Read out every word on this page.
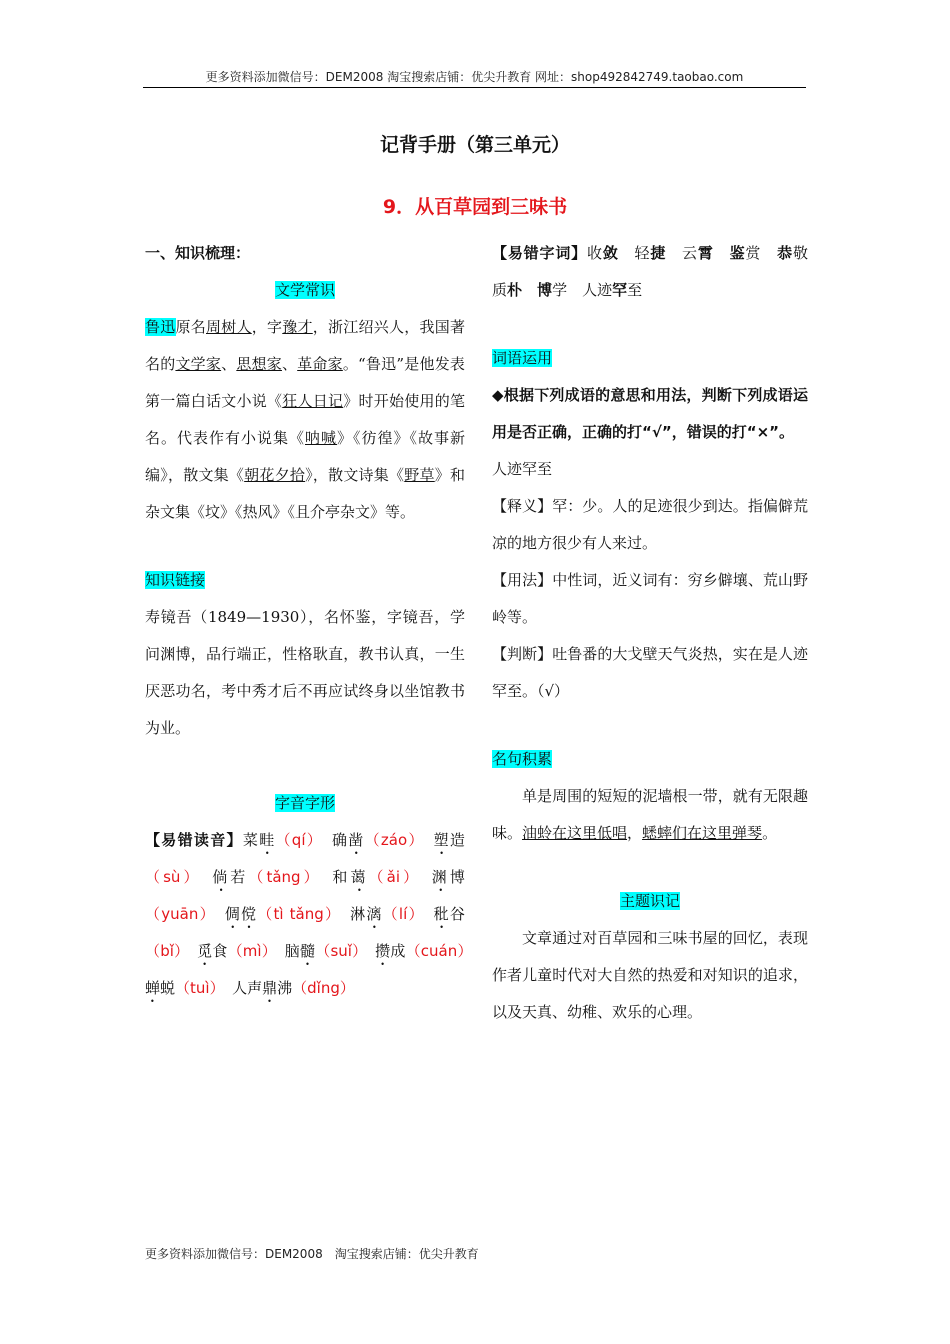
更多资料添加微信号：DEM2008 淘宝搜索店铺：优尖升教育 网址：shop492842749.taobao.com
记背手册（第三单元）
9．从百草园到三味书

一、知识梳理：

文学常识

鲁迅原名周树人，字豫才，浙江绍兴人，我国著名的文学家、思想家、革命家。“鲁迅”是他发表第一篇白话文小说《狂人日记》时开始使用的笔名。代表作有小说集《呐喊》《彷徨》《故事新编》，散文集《朝花夕拾》，散文诗集《野草》和杂文集《坟》《热风》《且介亭杂文》等。

知识链接

寿镜吾（1849—1930），名怀鉴，字镜吾，学问渊博，品行端正，性格耿直，教书认真，一生厌恶功名，考中秀才后不再应试终身以坐馆教书为业。

字音字形

【易错读音】菜畦（qí）　 确凿（záo）　 塑造（sù）　 倘若（tǎng）　 和蔼（ǎi）　 渊博（yuān）　 倜傥（tì tǎng）　 淋漓（lí）　 秕谷（bǐ）　 觅食（mì）　 脑髓（suǐ）　 攒成（cuán）　蝉蜕（tuì）　 人声鼎沸（dǐng）

【易错字词】收敛　 轻捷　 云霄　 鉴赏　 恭敬　质朴　 博学　 人迹罕至

词语运用

◆根据下列成语的意思和用法，判断下列成语运用是否正确，正确的打“√”，错误的打“×”。

人迹罕至

【释义】罕：少。人的足迹很少到达。指偏僻荒凉的地方很少有人来过。

【用法】中性词，近义词有：穷乡僻壤、荒山野岭等。

【判断】吐鲁番的大戈壁天气炎热，实在是人迹罕至。（√）

名句积累

单是周围的短短的泥墙根一带，就有无限趣味。油蛉在这里低唱，蟋蟀们在这里弹琴。

主题识记

文章通过对百草园和三味书屋的回忆，表现作者儿童时代对大自然的热爱和对知识的追求，以及天真、幼稚、欢乐的心理。

更多资料添加微信号：DEM2008　淘宝搜索店铺：优尖升教育
